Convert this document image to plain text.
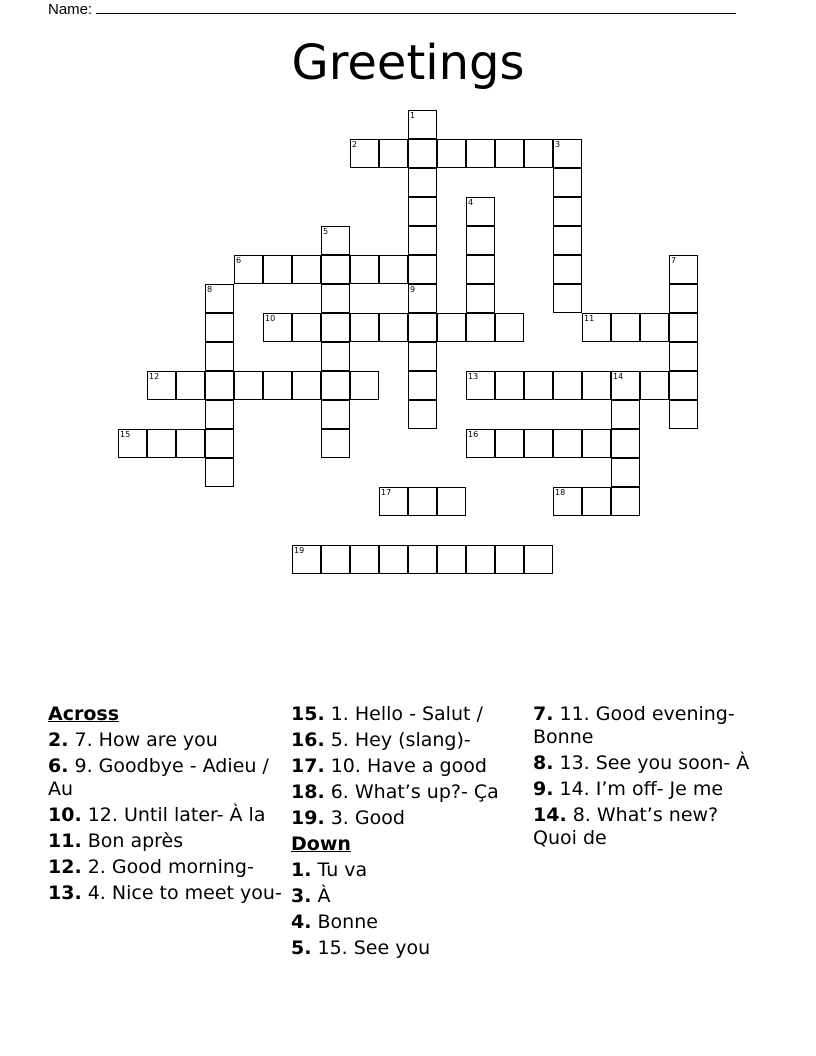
Name:
Greetings
1
2	3
4
5
6	7
8	9
10	11
12	13	14
15	16
17	18
19
Across
2. 7. How are you
6. 9. Goodbye - Adieu / Au
10. 12. Until later- À la
11. Bon après
12. 2. Good morning-
13. 4. Nice to meet you-
15. 1. Hello - Salut /
16. 5. Hey (slang)-
17. 10. Have a good
18. 6. What’s up?- Ça
19. 3. Good
Down
1. Tu va
3. À
4. Bonne
5. 15. See you
7. 11. Good evening- Bonne
8. 13. See you soon- À
9. 14. I’m off- Je me
14. 8. What’s new? Quoi de
